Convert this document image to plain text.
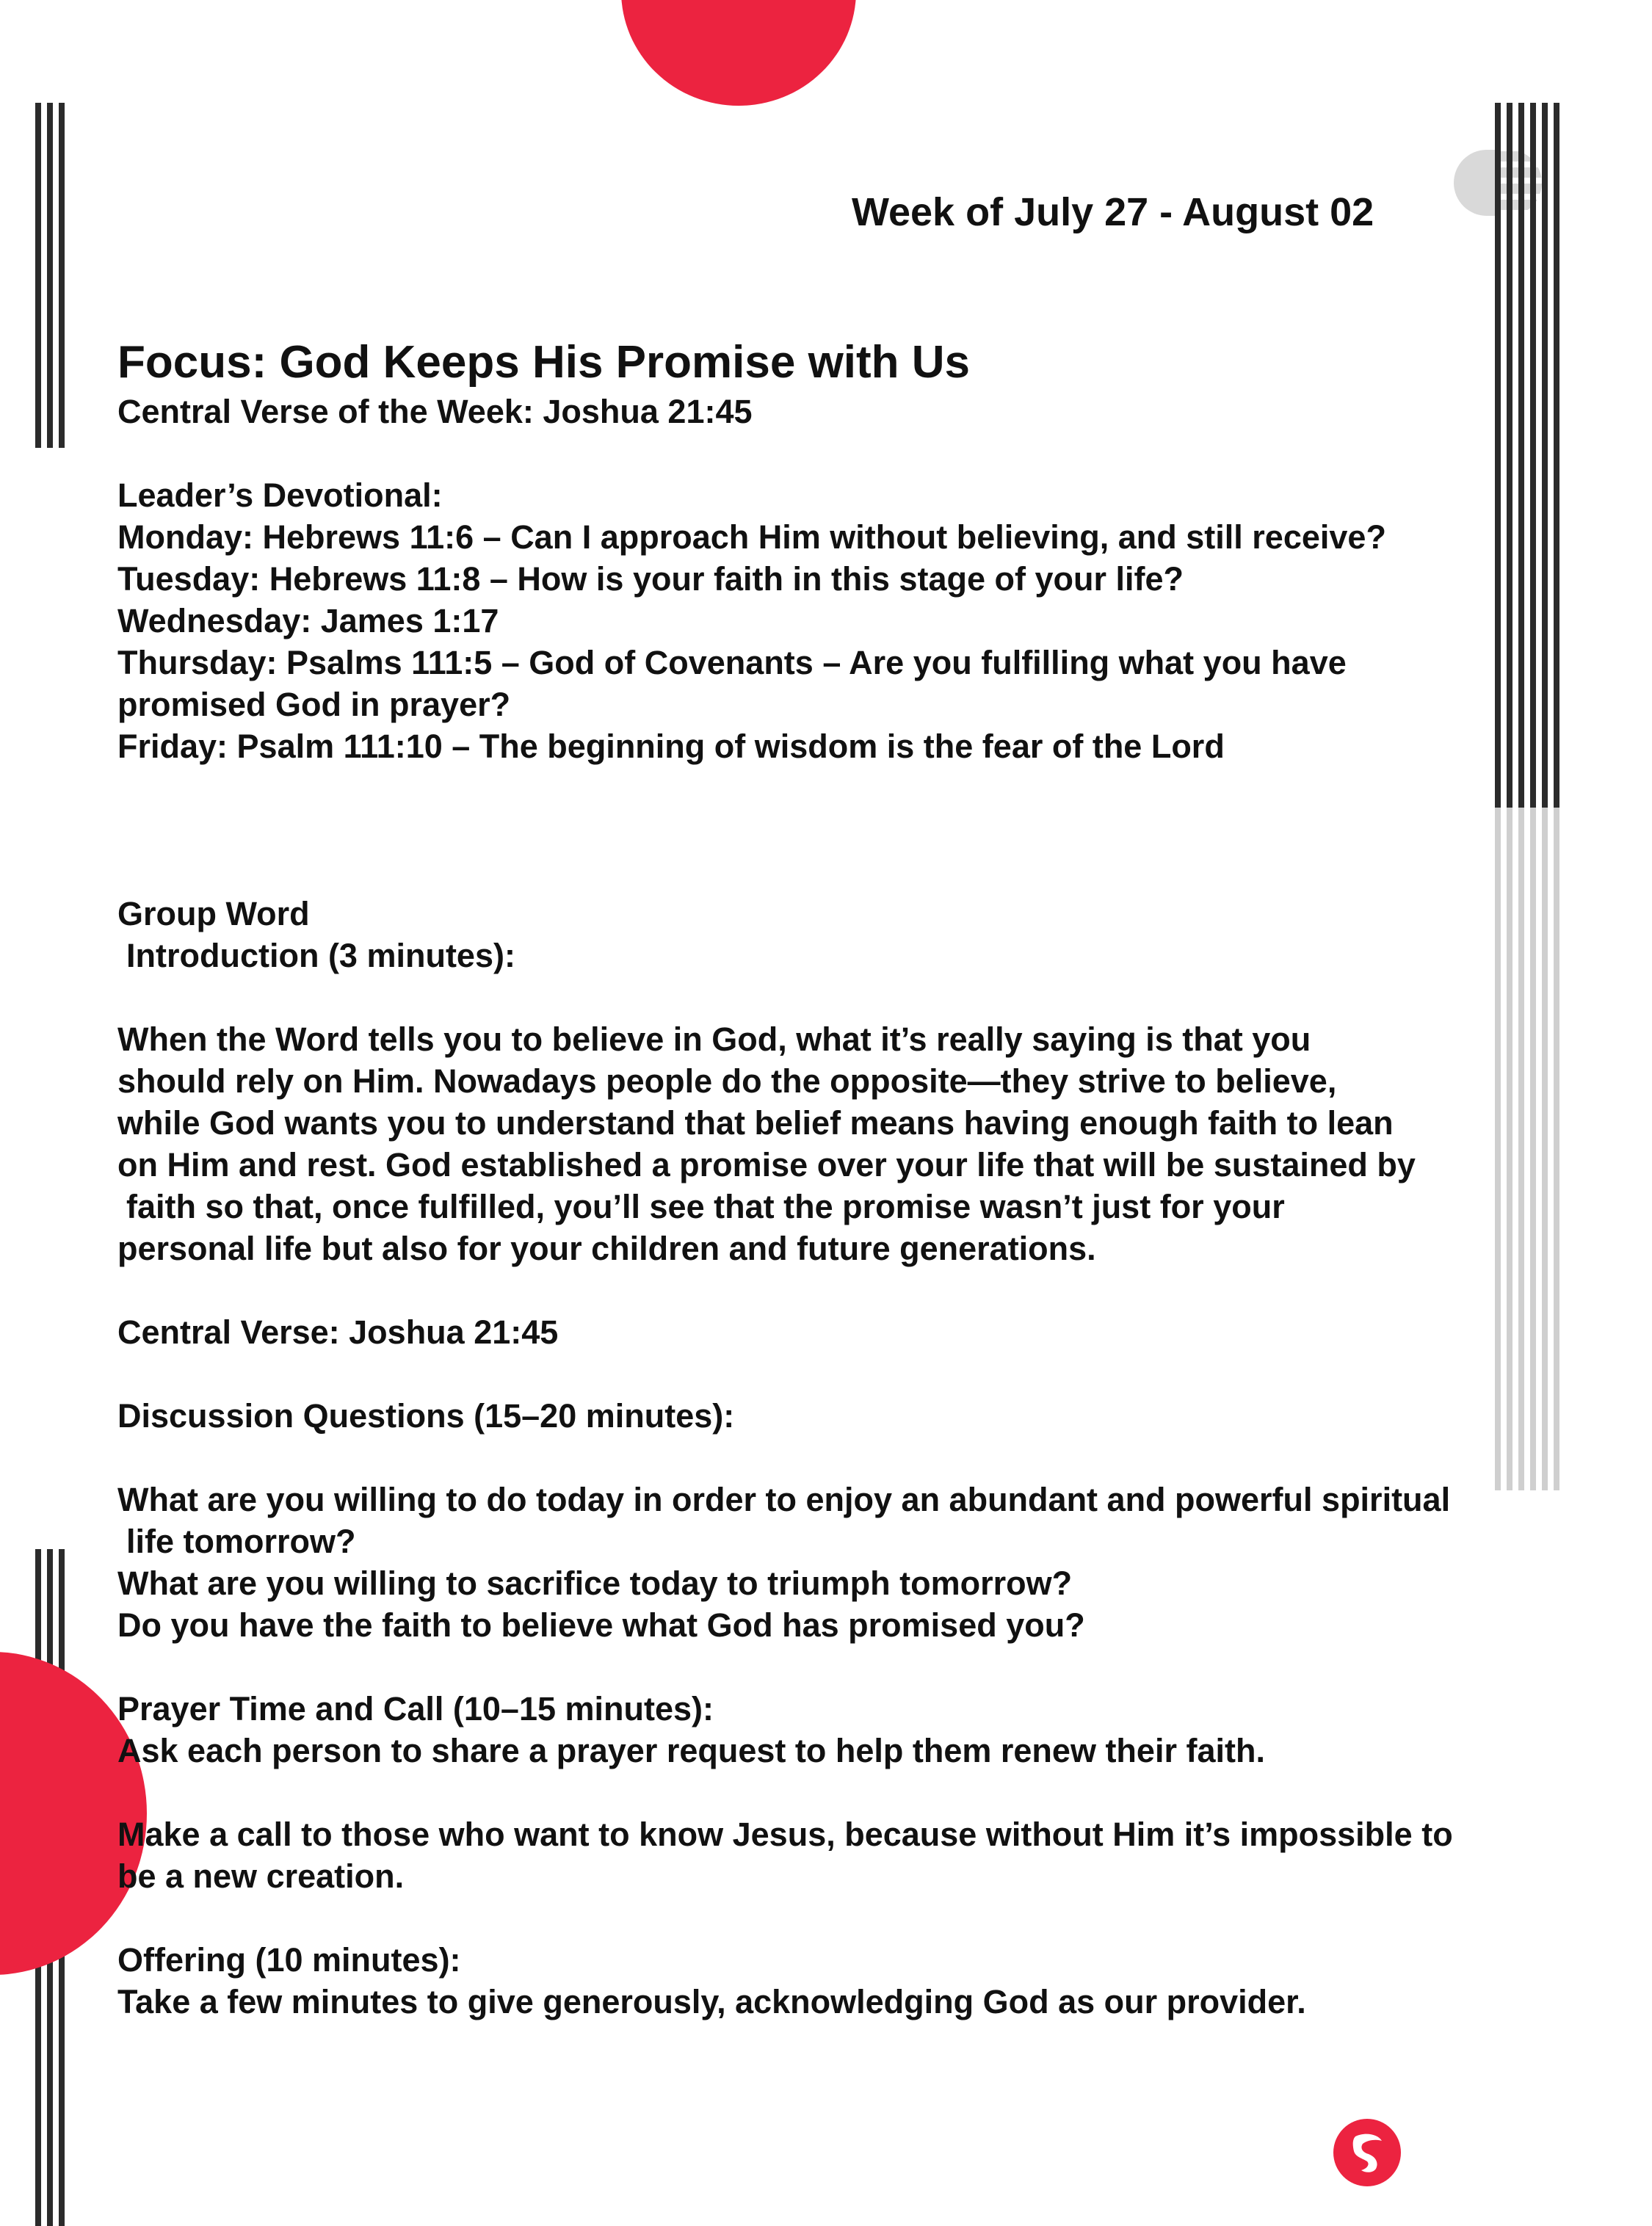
Week of July 27 - August 02

Focus: God Keeps His Promise with Us

Central Verse of the Week: Joshua 21:45

Leader’s Devotional:

Monday: Hebrews 11:6 – Can I approach Him without believing, and still receive?

Tuesday: Hebrews 11:8 – How is your faith in this stage of your life?

Wednesday: James 1:17

Thursday: Psalms 111:5 – God of Covenants – Are you fulfilling what you have

promised God in prayer?

Friday: Psalm 111:10 – The beginning of wisdom is the fear of the Lord

Group Word

Introduction (3 minutes):

When the Word tells you to believe in God, what it’s really saying is that you

should rely on Him. Nowadays people do the opposite—they strive to believe,

while God wants you to understand that belief means having enough faith to lean

on Him and rest. God established a promise over your life that will be sustained by

faith so that, once fulfilled, you’ll see that the promise wasn’t just for your

personal life but also for your children and future generations.

Central Verse: Joshua 21:45

Discussion Questions (15–20 minutes):

What are you willing to do today in order to enjoy an abundant and powerful spiritual

life tomorrow?

What are you willing to sacrifice today to triumph tomorrow?

Do you have the faith to believe what God has promised you?

Prayer Time and Call (10–15 minutes):

Ask each person to share a prayer request to help them renew their faith.

Make a call to those who want to know Jesus, because without Him it’s impossible to

be a new creation.

Offering (10 minutes):

Take a few minutes to give generously, acknowledging God as our provider.
